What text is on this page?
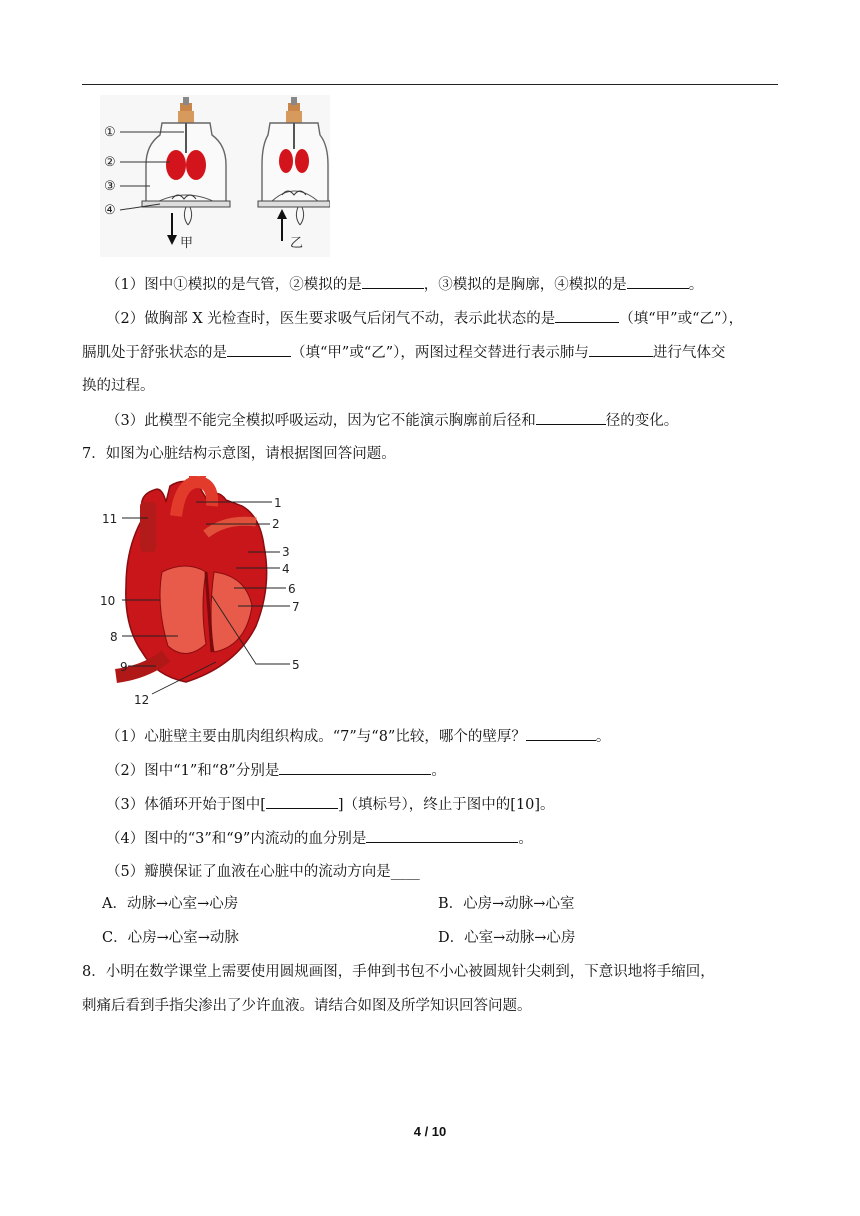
①
②
③
④
甲	乙
（1）图中①模拟的是气管，②模拟的是	，③模拟的是胸廓，④模拟的是	。
（2）做胸部 X 光检查时，医生要求吸气后闭气不动，表示此状态的是	（填“甲”或“乙”），
膈肌处于舒张状态的是	（填“甲”或“乙”），两图过程交替进行表示肺与	进行气体交
换的过程。
（3）此模型不能完全模拟呼吸运动，因为它不能演示胸廓前后径和	径的变化。
7．如图为心脏结构示意图，请根据图回答问题。
1
2
3
4
6
7
5
11
10
8
9
12
（1）心脏壁主要由肌肉组织构成。“7”与“8”比较，哪个的壁厚？	。
（2）图中“1”和“8”分别是	。
（3）体循环开始于图中[	]（填标号），终止于图中的[10]。
（4）图中的“3”和“9”内流动的血分别是	。
（5）瓣膜保证了血液在心脏中的流动方向是____
A．动脉→心室→心房	B．心房→动脉→心室
C．心房→心室→动脉	D．心室→动脉→心房
8．小明在数学课堂上需要使用圆规画图，手伸到书包不小心被圆规针尖刺到，下意识地将手缩回，
刺痛后看到手指尖渗出了少许血液。请结合如图及所学知识回答问题。
4 / 10
